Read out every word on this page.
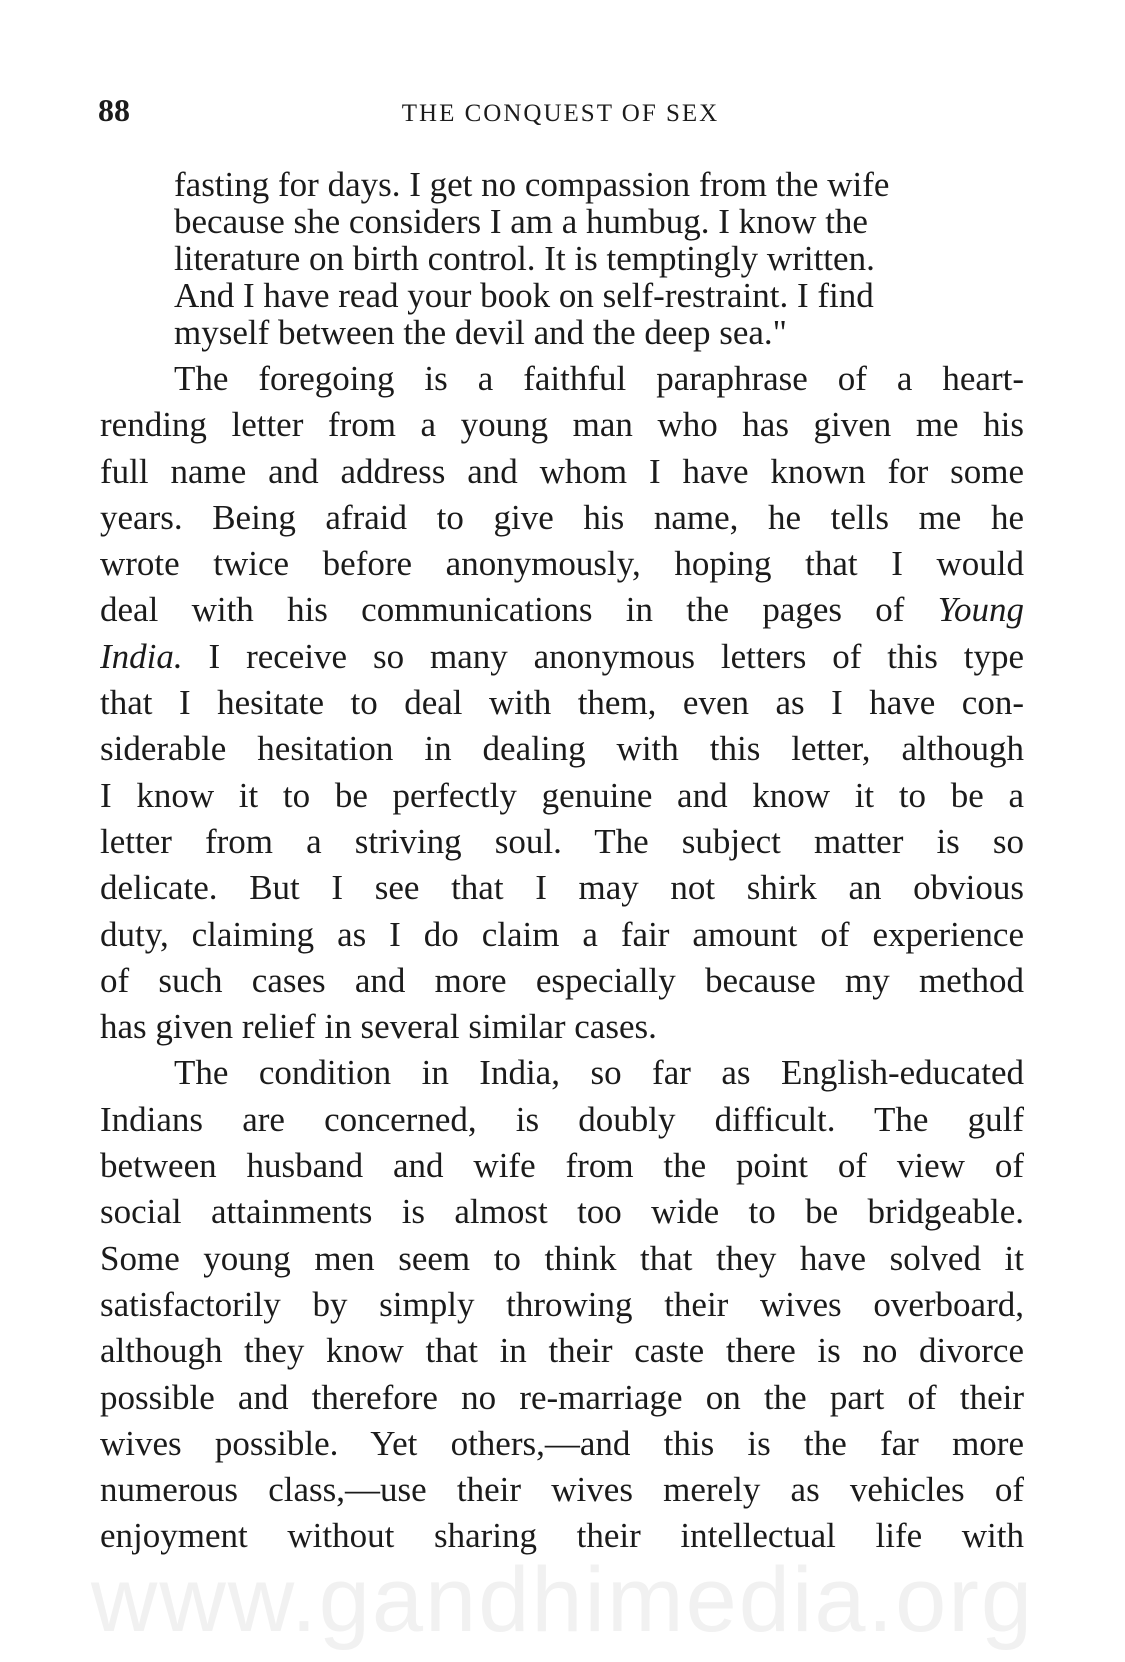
88	THE CONQUEST OF SEX
fasting for days. I get no compassion from the wife
because she considers I am a humbug. I know the
literature on birth control. It is temptingly written.
And I have read your book on self-restraint. I find
myself between the devil and the deep sea."
The foregoing is a faithful paraphrase of a heart-
rending letter from a young man who has given me his
full name and address and whom I have known for some
years. Being afraid to give his name, he tells me he
wrote twice before anonymously, hoping that I would
deal with his communications in the pages of Young
India. I receive so many anonymous letters of this type
that I hesitate to deal with them, even as I have con-
siderable hesitation in dealing with this letter, although
I know it to be perfectly genuine and know it to be a
letter from a striving soul. The subject matter is so
delicate. But I see that I may not shirk an obvious
duty, claiming as I do claim a fair amount of experience
of such cases and more especially because my method
has given relief in several similar cases.
The condition in India, so far as English-educated
Indians are concerned, is doubly difficult. The gulf
between husband and wife from the point of view of
social attainments is almost too wide to be bridgeable.
Some young men seem to think that they have solved it
satisfactorily by simply throwing their wives overboard,
although they know that in their caste there is no divorce
possible and therefore no re-marriage on the part of their
wives possible. Yet others,—and this is the far more
numerous class,—use their wives merely as vehicles of
enjoyment without sharing their intellectual life with
www.gandhimedia.org
